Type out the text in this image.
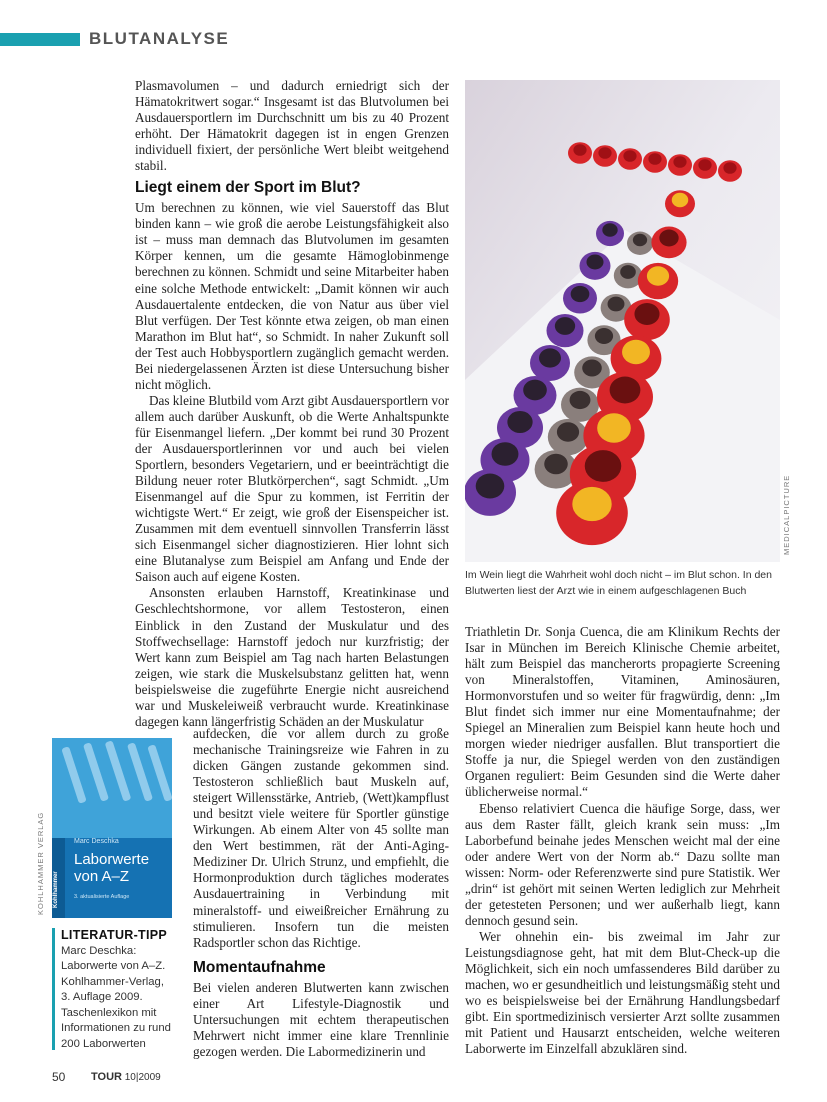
BLUTANALYSE

Plasmavolumen – und dadurch erniedrigt sich der Hämatokritwert sogar.“ Insgesamt ist das Blutvolumen bei Ausdauersportlern im Durchschnitt um bis zu 40 Prozent erhöht. Der Hämatokrit dagegen ist in engen Grenzen individuell fixiert, der persönliche Wert bleibt weitgehend stabil.

Liegt einem der Sport im Blut?

Um berechnen zu können, wie viel Sauerstoff das Blut binden kann – wie groß die aerobe Leistungsfähigkeit also ist – muss man demnach das Blutvolumen im gesamten Körper kennen, um die gesamte Hämoglobinmenge berechnen zu können. Schmidt und seine Mitarbeiter haben eine solche Methode entwickelt: „Damit können wir auch Ausdauertalente entdecken, die von Natur aus über viel Blut verfügen. Der Test könnte etwa zeigen, ob man einen Marathon im Blut hat“, so Schmidt. In naher Zukunft soll der Test auch Hobbysportlern zugänglich gemacht werden. Bei niedergelassenen Ärzten ist diese Untersuchung bisher nicht möglich.

Das kleine Blutbild vom Arzt gibt Ausdauersportlern vor allem auch darüber Auskunft, ob die Werte Anhaltspunkte für Eisenmangel liefern. „Der kommt bei rund 30 Prozent der Ausdauersportlerinnen vor und auch bei vielen Sportlern, besonders Vegetariern, und er beeinträchtigt die Bildung neuer roter Blutkörperchen“, sagt Schmidt. „Um Eisenmangel auf die Spur zu kommen, ist Ferritin der wichtigste Wert.“ Er zeigt, wie groß der Eisenspeicher ist. Zusammen mit dem eventuell sinnvollen Transferrin lässt sich Eisenmangel sicher diagnostizieren. Hier lohnt sich eine Blutanalyse zum Beispiel am Anfang und Ende der Saison auch auf eigene Kosten.

Ansonsten erlauben Harnstoff, Kreatinkinase und Geschlechtshormone, vor allem Testosteron, einen Einblick in den Zustand der Muskulatur und des Stoffwechsellage: Harnstoff jedoch nur kurzfristig; der Wert kann zum Beispiel am Tag nach harten Belastungen zeigen, wie stark die Muskelsubstanz gelitten hat, wenn beispielsweise die zugeführte Energie nicht ausreichend war und Muskeleiweiß verbraucht wurde. Kreatinkinase dagegen kann längerfristig Schäden an der Muskulatur

aufdecken, die vor allem durch zu große mechanische Trainingsreize wie Fahren in zu dicken Gängen zustande gekommen sind. Testosteron schließlich baut Muskeln auf, steigert Willensstärke, Antrieb, (Wett)kampflust und besitzt viele weitere für Sportler günstige Wirkungen. Ab einem Alter von 45 sollte man den Wert bestimmen, rät der Anti-Aging-Mediziner Dr. Ulrich Strunz, und empfiehlt, die Hormonproduktion durch tägliches moderates Ausdauertraining in Verbindung mit mineralstoff- und eiweißreicher Ernährung zu stimulieren. Insofern tun die meisten Radsportler schon das Richtige.

Momentaufnahme

Bei vielen anderen Blutwerten kann zwischen einer Art Lifestyle-Diagnostik und Untersuchungen mit echtem therapeutischen Mehrwert nicht immer eine klare Trennlinie gezogen werden. Die Labormedizinerin und

Triathletin Dr. Sonja Cuenca, die am Klinikum Rechts der Isar in München im Bereich Klinische Chemie arbeitet, hält zum Beispiel das mancherorts propagierte Screening von Mineralstoffen, Vitaminen, Aminosäuren, Hormonvorstufen und so weiter für fragwürdig, denn: „Im Blut findet sich immer nur eine Momentaufnahme; der Spiegel an Mineralien zum Beispiel kann heute hoch und morgen wieder niedriger ausfallen. Blut transportiert die Stoffe ja nur, die Spiegel werden von den zuständigen Organen reguliert: Beim Gesunden sind die Werte daher üblicherweise normal.“

Ebenso relativiert Cuenca die häufige Sorge, dass, wer aus dem Raster fällt, gleich krank sein muss: „Im Laborbefund beinahe jedes Menschen weicht mal der eine oder andere Wert von der Norm ab.“ Dazu sollte man wissen: Norm- oder Referenzwerte sind pure Statistik. Wer „drin“ ist gehört mit seinen Werten lediglich zur Mehrheit der getesteten Personen; und wer außerhalb liegt, kann dennoch gesund sein.

Wer ohnehin ein- bis zweimal im Jahr zur Leistungsdiagnose geht, hat mit dem Blut-Check-up die Möglichkeit, sich ein noch umfassenderes Bild darüber zu machen, wo er gesundheitlich und leistungsmäßig steht und wo es beispielsweise bei der Ernährung Handlungsbedarf gibt. Ein sportmedizinisch versierter Arzt sollte zusammen mit Patient und Hausarzt entscheiden, welche weiteren Laborwerte im Einzelfall abzuklären sind.

MEDICALPICTURE
Im Wein liegt die Wahrheit wohl doch nicht – im Blut schon. In den Blutwerten liest der Arzt wie in einem aufgeschlagenen Buch
Marc Deschka
Laborwerte
von A–Z
3. aktualisierte Auflage
Kohlhammer
KOHLHAMMER VERLAG
LITERATUR-TIPP
Marc Deschka:
Laborwerte von A–Z.
Kohlhammer-Verlag,
3. Auflage 2009.
Taschenlexikon mit
Informationen zu rund
200 Laborwerten
50 TOUR 10|2009
